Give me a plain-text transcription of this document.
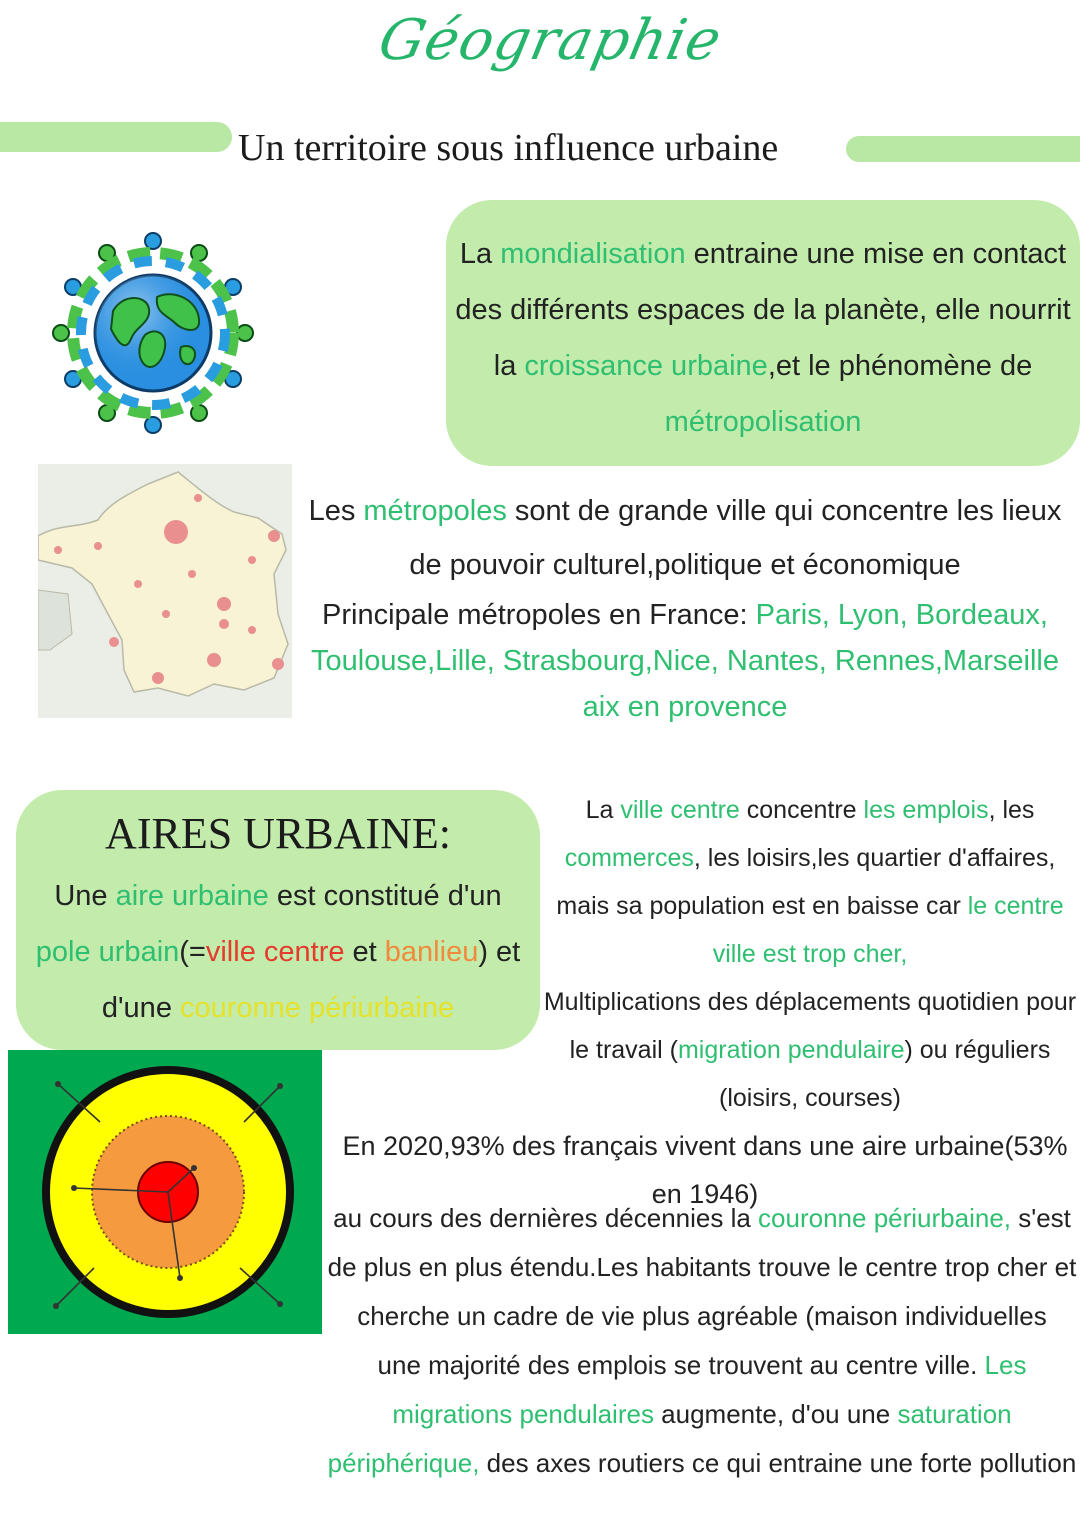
Géographie
Un territoire sous influence urbaine
La mondialisation entraine une mise en contact des différents espaces de la planète, elle nourrit la croissance urbaine,et le phénomène de métropolisation

Les métropoles sont de grande ville qui concentre les lieux de pouvoir culturel,politique et économique

Principale métropoles en France: Paris, Lyon, Bordeaux, Toulouse,Lille, Strasbourg,Nice, Nantes, Rennes,Marseille aix en provence

AIRES URBAINE:
Une aire urbaine est constitué d'un pole urbain(=ville centre et banlieu) et d'une couronne périurbaine

La ville centre concentre les emplois, les commerces, les loisirs,les quartier d'affaires, mais sa population est en baisse car le centre ville est trop cher,

Multiplications des déplacements quotidien pour le travail (migration pendulaire) ou réguliers (loisirs, courses)

En 2020,93% des français vivent dans une aire urbaine(53% en 1946)

au cours des dernières décennies la couronne périurbaine, s'est de plus en plus étendu.Les habitants trouve le centre trop cher et cherche un cadre de vie plus agréable (maison individuelles

une majorité des emplois se trouvent au centre ville. Les migrations pendulaires augmente, d'ou une saturation périphérique, des axes routiers ce qui entraine une forte pollution
